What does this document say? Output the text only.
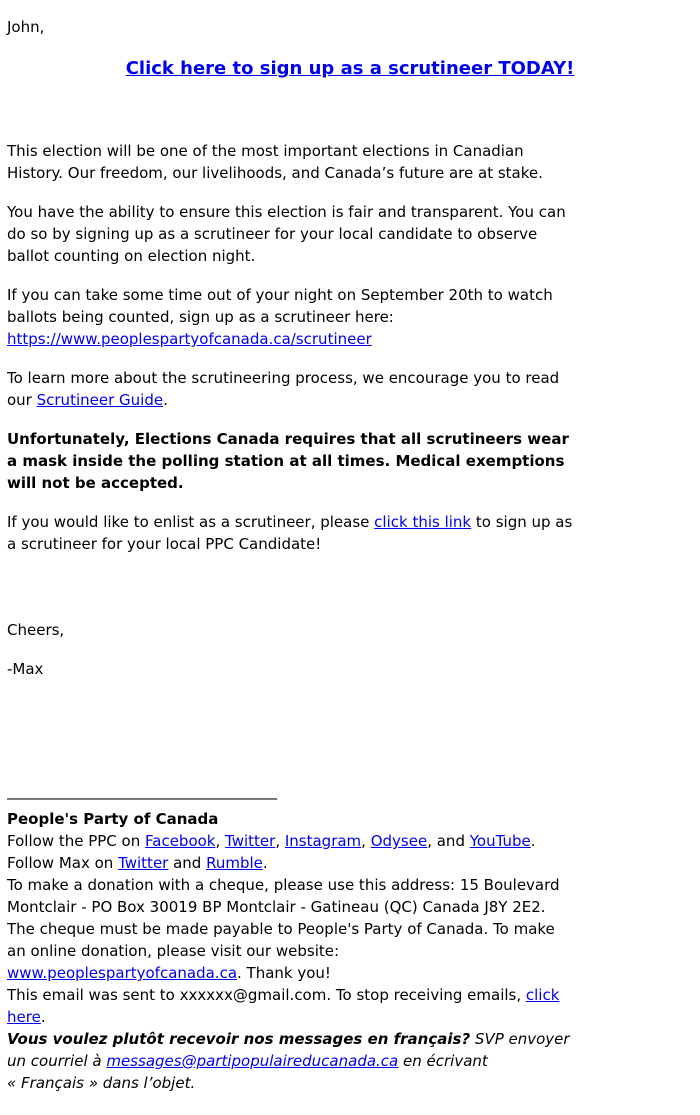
John,
Click here to sign up as a scrutineer TODAY!
This election will be one of the most important elections in Canadian
History. Our freedom, our livelihoods, and Canada’s future are at stake.
You have the ability to ensure this election is fair and transparent. You can
do so by signing up as a scrutineer for your local candidate to observe
ballot counting on election night.
If you can take some time out of your night on September 20th to watch
ballots being counted, sign up as a scrutineer here:
https://www.peoplespartyofcanada.ca/scrutineer
To learn more about the scrutineering process, we encourage you to read
our Scrutineer Guide.
Unfortunately, Elections Canada requires that all scrutineers wear
a mask inside the polling station at all times. Medical exemptions
will not be accepted.
If you would like to enlist as a scrutineer, please click this link to sign up as
a scrutineer for your local PPC Candidate!
Cheers,
-Max
____________________________________
People's Party of Canada
Follow the PPC on Facebook, Twitter, Instagram, Odysee, and YouTube.
Follow Max on Twitter and Rumble.
To make a donation with a cheque, please use this address: 15 Boulevard
Montclair - PO Box 30019 BP Montclair - Gatineau (QC) Canada J8Y 2E2.
The cheque must be made payable to People's Party of Canada. To make
an online donation, please visit our website:
www.peoplespartyofcanada.ca. Thank you!
This email was sent to xxxxxx@gmail.com. To stop receiving emails, click
here.
Vous voulez plutôt recevoir nos messages en français? SVP envoyer
un courriel à messages@partipopulaireducanada.ca en écrivant
« Français » dans l’objet.
